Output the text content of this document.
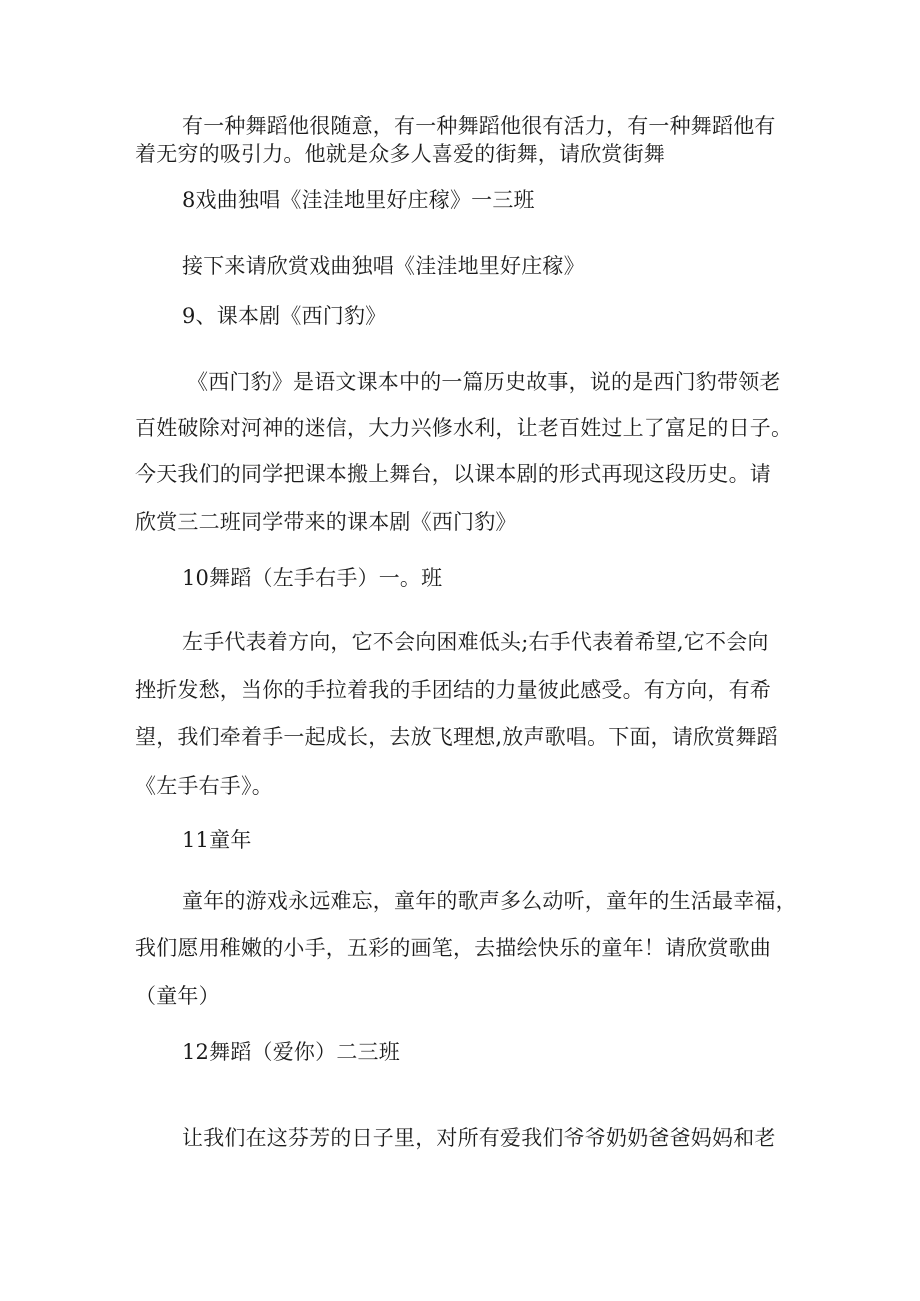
有一种舞蹈他很随意，有一种舞蹈他很有活力，有一种舞蹈他有
着无穷的吸引力。他就是众多人喜爱的街舞，请欣赏街舞
8戏曲独唱《洼洼地里好庄稼》一三班
接下来请欣赏戏曲独唱《洼洼地里好庄稼》
9、课本剧《西门豹》
《西门豹》是语文课本中的一篇历史故事，说的是西门豹带领老
百姓破除对河神的迷信，大力兴修水利，让老百姓过上了富足的日子。
今天我们的同学把课本搬上舞台，以课本剧的形式再现这段历史。请
欣赏三二班同学带来的课本剧《西门豹》
10舞蹈（左手右手）一。班
左手代表着方向，它不会向困难低头;右手代表着希望,它不会向
挫折发愁，当你的手拉着我的手团结的力量彼此感受。有方向，有希
望，我们牵着手一起成长，去放飞理想,放声歌唱。下面，请欣赏舞蹈
《左手右手》。
11童年
童年的游戏永远难忘，童年的歌声多么动听，童年的生活最幸福，
我们愿用稚嫩的小手，五彩的画笔，去描绘快乐的童年！请欣赏歌曲
（童年）
12舞蹈（爱你）二三班
让我们在这芬芳的日子里，对所有爱我们爷爷奶奶爸爸妈妈和老
